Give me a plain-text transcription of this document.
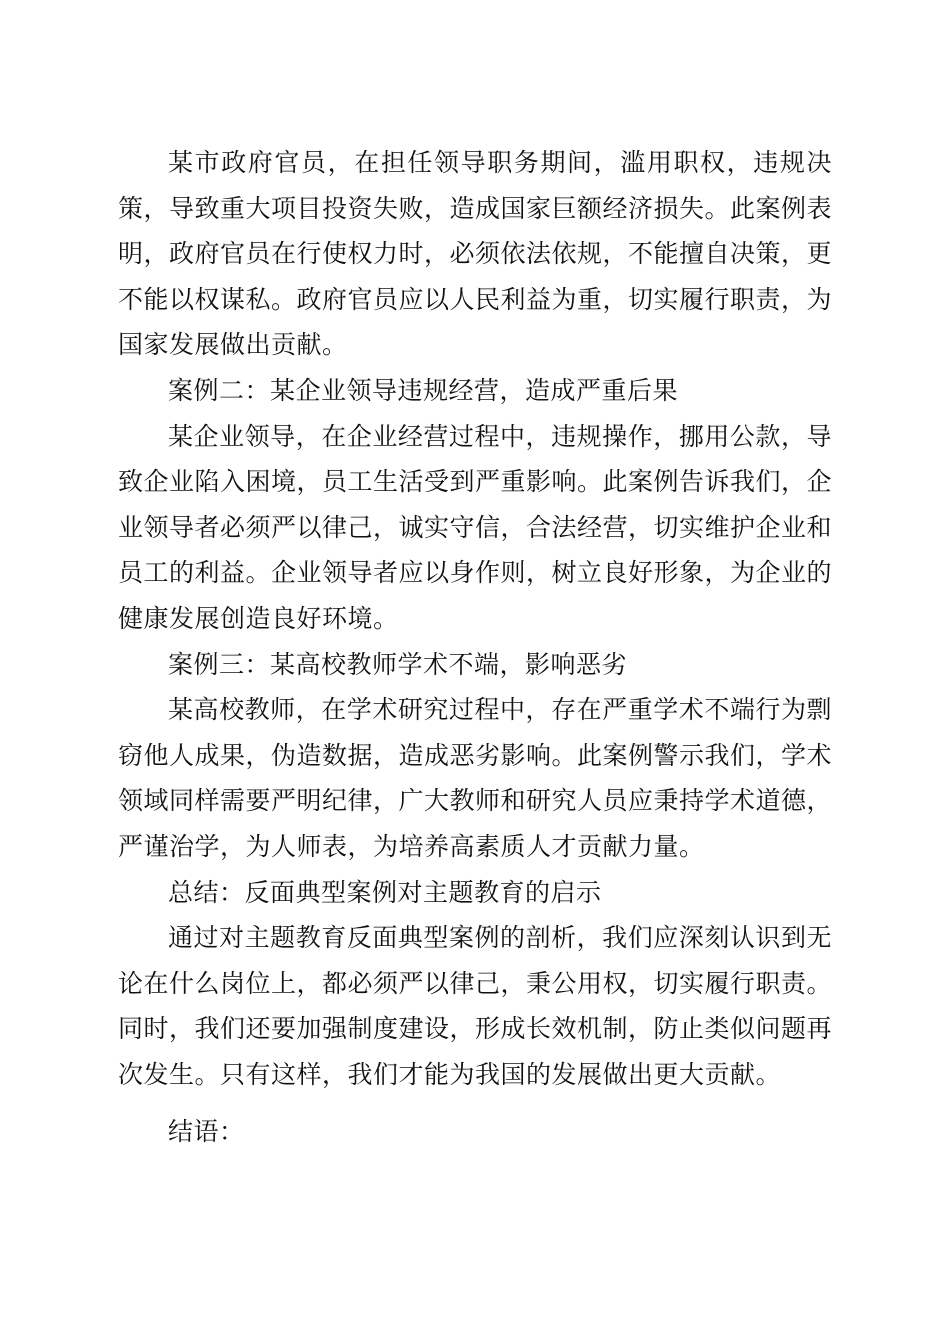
某市政府官员，在担任领导职务期间，滥用职权，违规决策，导致重大项目投资失败，造成国家巨额经济损失。此案例表明，政府官员在行使权力时，必须依法依规，不能擅自决策，更不能以权谋私。政府官员应以人民利益为重，切实履行职责，为国家发展做出贡献。

案例二：某企业领导违规经营，造成严重后果

某企业领导，在企业经营过程中，违规操作，挪用公款，导致企业陷入困境，员工生活受到严重影响。此案例告诉我们，企业领导者必须严以律己，诚实守信，合法经营，切实维护企业和员工的利益。企业领导者应以身作则，树立良好形象，为企业的健康发展创造良好环境。

案例三：某高校教师学术不端，影响恶劣

某高校教师，在学术研究过程中，存在严重学术不端行为剽窃他人成果，伪造数据，造成恶劣影响。此案例警示我们，学术领域同样需要严明纪律，广大教师和研究人员应秉持学术道德，严谨治学，为人师表，为培养高素质人才贡献力量。

总结：反面典型案例对主题教育的启示

通过对主题教育反面典型案例的剖析，我们应深刻认识到无论在什么岗位上，都必须严以律己，秉公用权，切实履行职责。同时，我们还要加强制度建设，形成长效机制，防止类似问题再次发生。只有这样，我们才能为我国的发展做出更大贡献。

结语：
